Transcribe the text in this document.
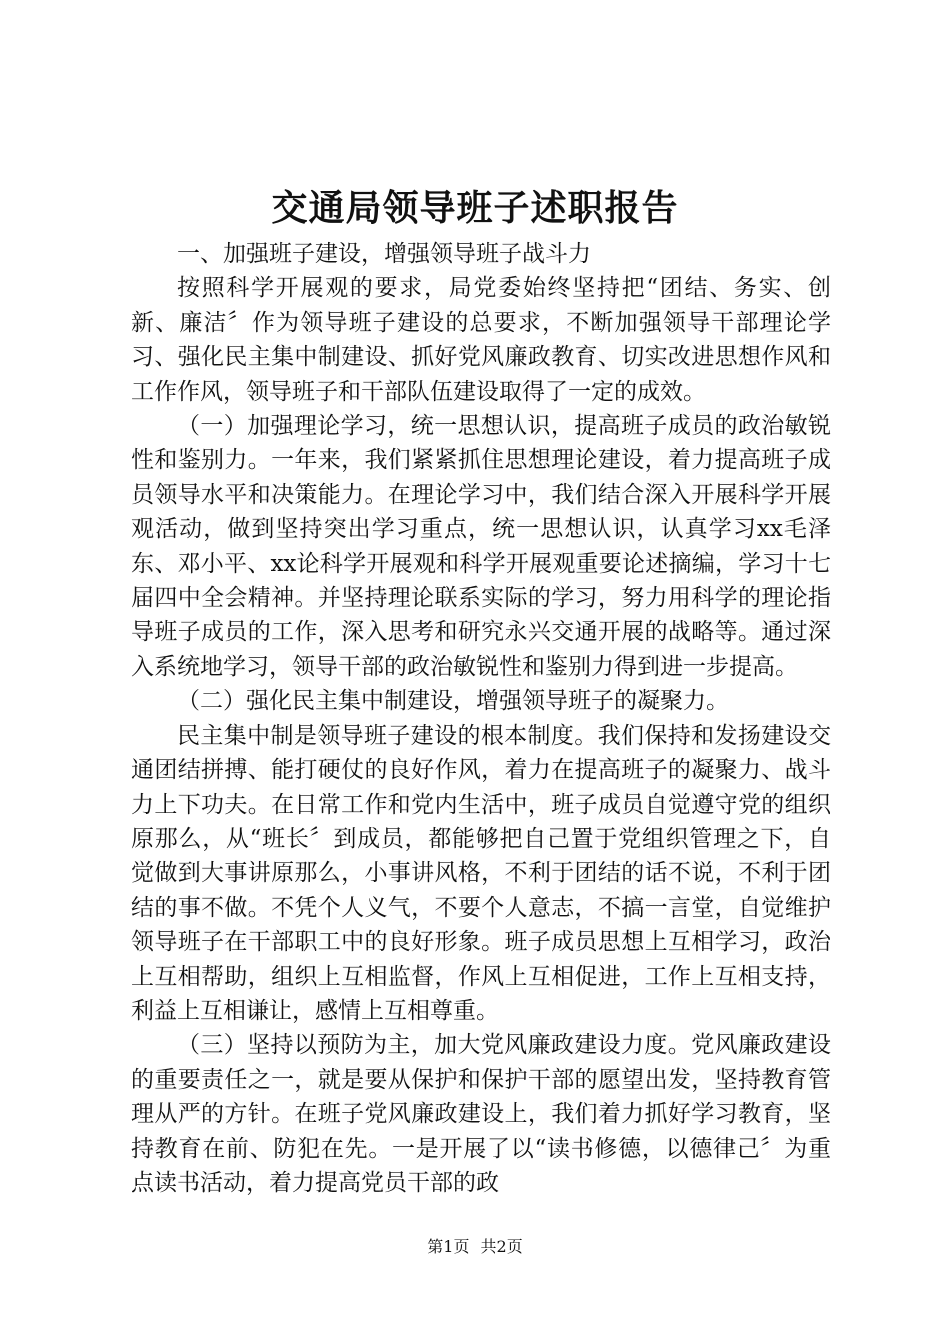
交通局领导班子述职报告

一、加强班子建设，增强领导班子战斗力

按照科学开展观的要求，局党委始终坚持把“团结、务实、创新、廉洁〞作为领导班子建设的总要求，不断加强领导干部理论学习、强化民主集中制建设、抓好党风廉政教育、切实改进思想作风和工作作风，领导班子和干部队伍建设取得了一定的成效。

（一）加强理论学习，统一思想认识，提高班子成员的政治敏锐性和鉴别力。一年来，我们紧紧抓住思想理论建设，着力提高班子成员领导水平和决策能力。在理论学习中，我们结合深入开展科学开展观活动，做到坚持突出学习重点，统一思想认识，认真学习xx毛泽东、邓小平、xx论科学开展观和科学开展观重要论述摘编，学习十七届四中全会精神。并坚持理论联系实际的学习，努力用科学的理论指导班子成员的工作，深入思考和研究永兴交通开展的战略等。通过深入系统地学习，领导干部的政治敏锐性和鉴别力得到进一步提高。

（二）强化民主集中制建设，增强领导班子的凝聚力。

民主集中制是领导班子建设的根本制度。我们保持和发扬建设交通团结拼搏、能打硬仗的良好作风，着力在提高班子的凝聚力、战斗力上下功夫。在日常工作和党内生活中，班子成员自觉遵守党的组织原那么，从“班长〞到成员，都能够把自己置于党组织管理之下，自觉做到大事讲原那么，小事讲风格，不利于团结的话不说，不利于团结的事不做。不凭个人义气，不要个人意志，不搞一言堂，自觉维护领导班子在干部职工中的良好形象。班子成员思想上互相学习，政治上互相帮助，组织上互相监督，作风上互相促进，工作上互相支持，利益上互相谦让，感情上互相尊重。

（三）坚持以预防为主，加大党风廉政建设力度。党风廉政建设的重要责任之一，就是要从保护和保护干部的愿望出发，坚持教育管理从严的方针。在班子党风廉政建设上，我们着力抓好学习教育，坚持教育在前、防犯在先。一是开展了以“读书修德，以德律己〞为重点读书活动，着力提高党员干部的政

第1页 共2页
